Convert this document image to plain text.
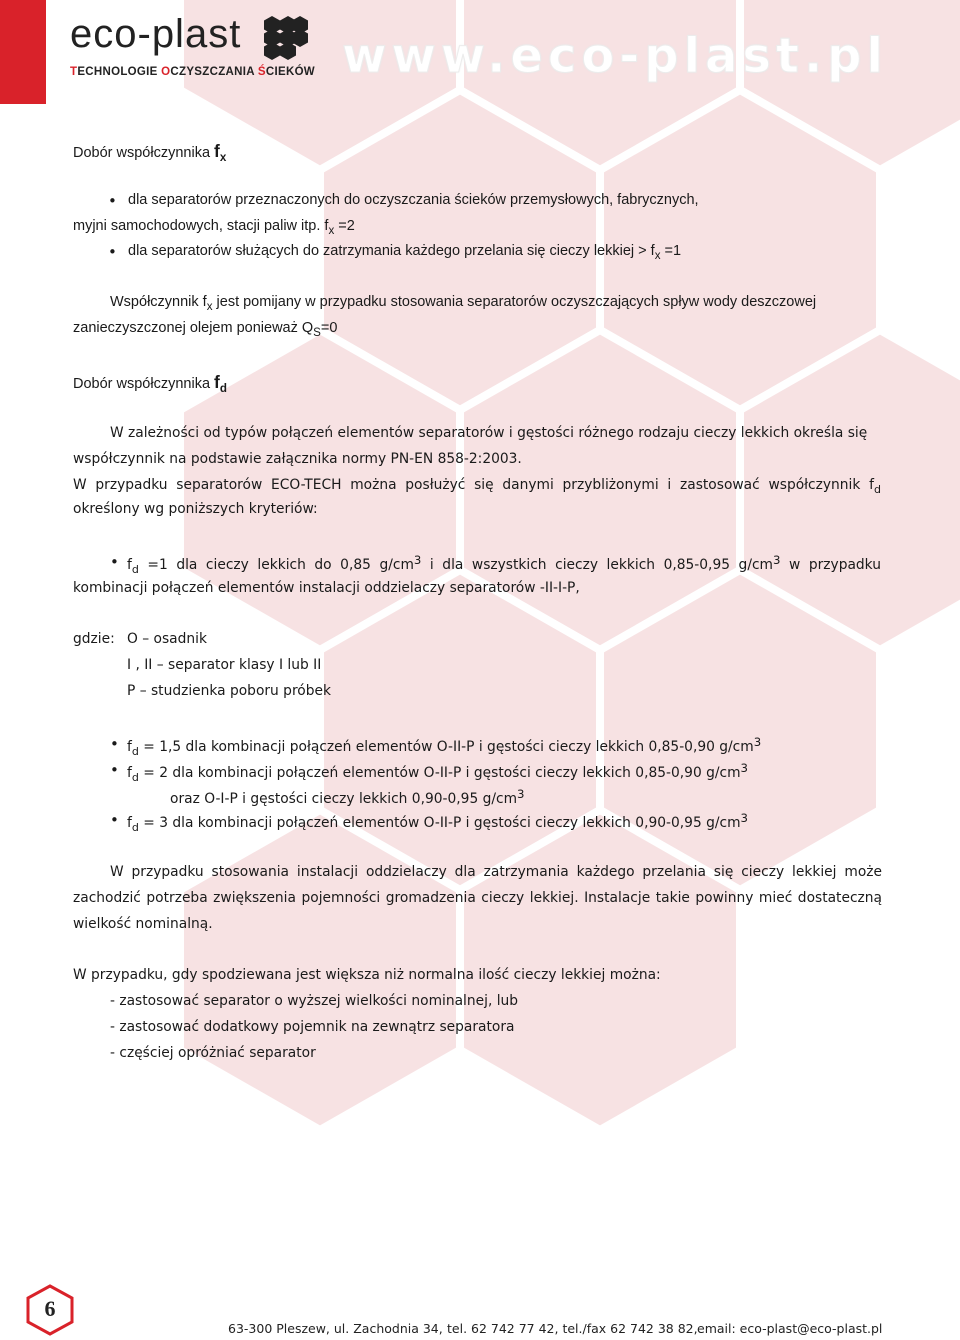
eco-plast
TECHNOLOGIE OCZYSZCZANIA ŚCIEKÓW www.eco-plast.pl
Dobór współczynnika $f_x$
• dla separatorów przeznaczonych do oczyszczania ścieków przemysłowych, fabrycznych,
myjni samochodowych, stacji paliw itp. $f_x =2$
• dla separatorów służących do zatrzymania każdego przelania się cieczy lekkiej > $f_x =1$
Współczynnik $f_x$ jest pomijany w przypadku stosowania separatorów oczyszczających spływ wody deszczowej
zanieczyszczonej olejem ponieważ $Q_S=0$
Dobór współczynnika $f_d$
W zależności od typów połączeń elementów separatorów i gęstości różnego rodzaju cieczy lekkich określa się
współczynnik na podstawie załącznika normy PN-EN 858-2:2003.
W przypadku separatorów ECO-TECH można posłużyć się danymi przybliżonymi i zastosować współczynnik $f_d$
określony wg poniższych kryteriów:
• $f_d =1$ dla cieczy lekkich do 0,85 $g/cm^3$ i dla wszystkich cieczy lekkich 0,85-0,95 $g/cm^3$ w przypadku
kombinacji połączeń elementów instalacji oddzielaczy separatorów -II-I-P,
gdzie: O – osadnik
I , II – separator klasy I lub II
P – studzienka poboru próbek
• $f_d = 1,5$ dla kombinacji połączeń elementów O-II-P i gęstości cieczy lekkich 0,85-0,90 $g/cm^3$
• $f_d = 2$ dla kombinacji połączeń elementów O-II-P i gęstości cieczy lekkich 0,85-0,90 $g/cm^3$
oraz O-I-P i gęstości cieczy lekkich 0,90-0,95 $g/cm^3$
• $f_d = 3$ dla kombinacji połączeń elementów O-II-P i gęstości cieczy lekkich 0,90-0,95 $g/cm^3$
W przypadku stosowania instalacji oddzielaczy dla zatrzymania każdego przelania się cieczy lekkiej może
zachodzić potrzeba zwiększenia pojemności gromadzenia cieczy lekkiej. Instalacje takie powinny mieć dostateczną
wielkość nominalną.
W przypadku, gdy spodziewana jest większa niż normalna ilość cieczy lekkiej można:
- zastosować separator o wyższej wielkości nominalnej, lub
- zastosować dodatkowy pojemnik na zewnątrz separatora
- częściej opróżniać separator
6
63-300 Pleszew, ul. Zachodnia 34, tel. 62 742 77 42, tel./fax 62 742 38 82, email: eco-plast@eco-plast.pl
